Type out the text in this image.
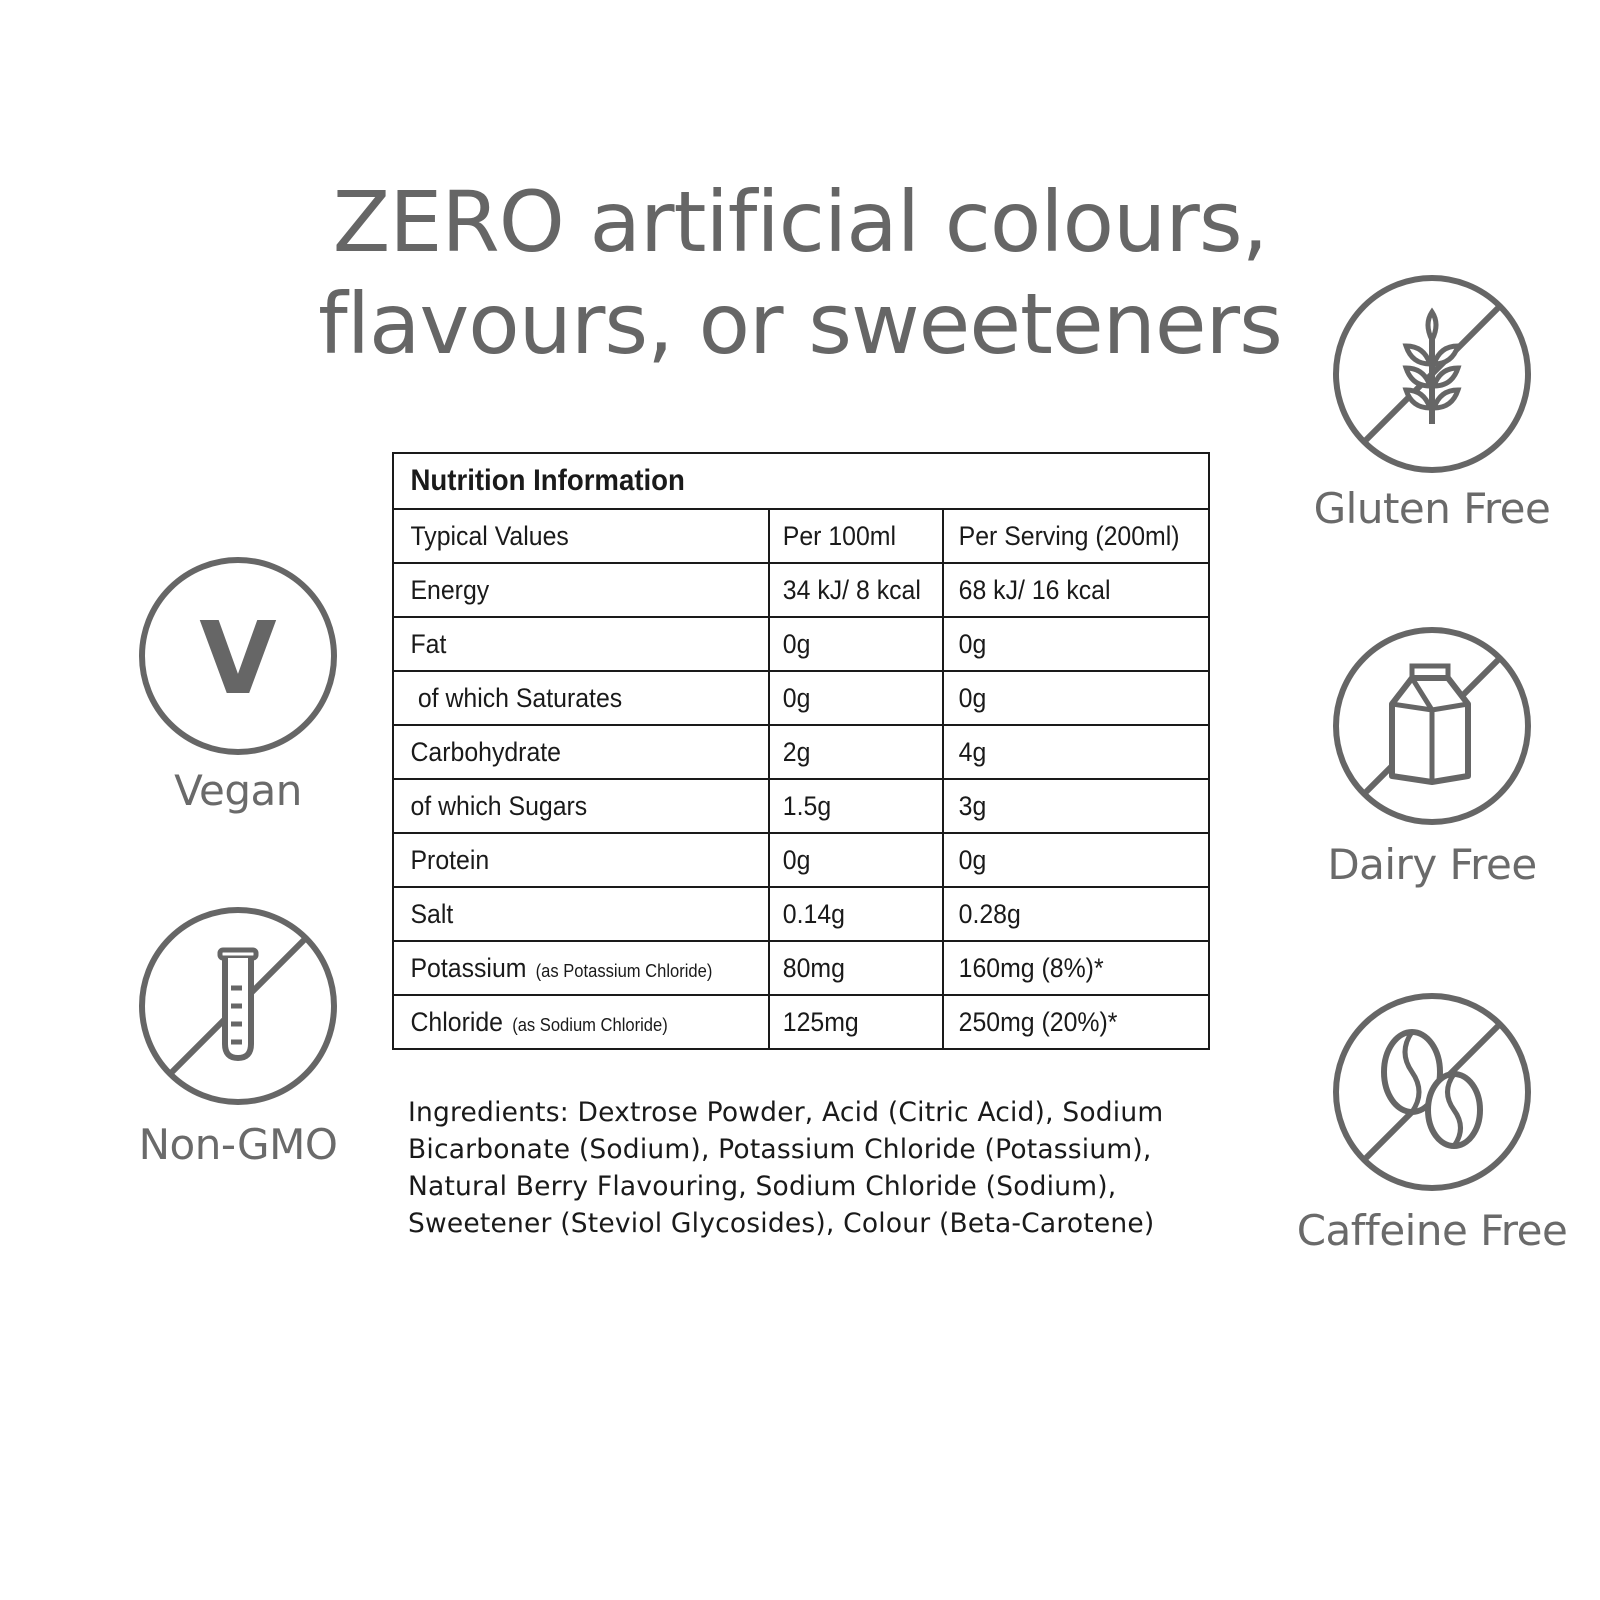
ZERO artificial colours,
flavours, or sweeteners
Nutrition Information		
Typical Values	Per 100ml	Per Serving (200ml)
Energy	34 kJ/ 8 kcal	68 kJ/ 16 kcal
Fat	0g	0g
of which Saturates	0g	0g
Carbohydrate	2g	4g
of which Sugars	1.5g	3g
Protein	0g	0g
Salt	0.14g	0.28g
Potassium (as Potassium Chloride)	80mg	160mg (8%)*
Chloride (as Sodium Chloride)	125mg	250mg (20%)*
Ingredients: Dextrose Powder, Acid (Citric Acid), Sodium
Bicarbonate (Sodium), Potassium Chloride (Potassium),
Natural Berry Flavouring, Sodium Chloride (Sodium),
Sweetener (Steviol Glycosides), Colour (Beta-Carotene)
V
Vegan
Non-GMO
Gluten Free
Dairy Free
Caffeine Free
